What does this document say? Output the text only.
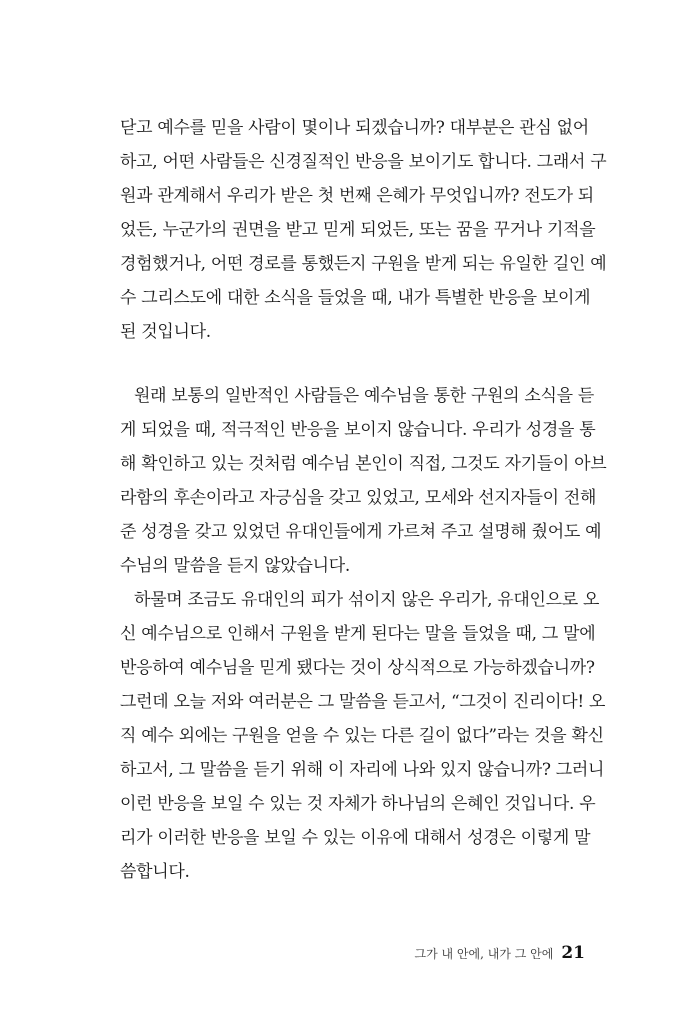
닫고 예수를 믿을 사람이 몇이나 되겠습니까? 대부분은 관심 없어
하고, 어떤 사람들은 신경질적인 반응을 보이기도 합니다. 그래서 구
원과 관계해서 우리가 받은 첫 번째 은혜가 무엇입니까? 전도가 되
었든, 누군가의 권면을 받고 믿게 되었든, 또는 꿈을 꾸거나 기적을
경험했거나, 어떤 경로를 통했든지 구원을 받게 되는 유일한 길인 예
수 그리스도에 대한 소식을 들었을 때, 내가 특별한 반응을 보이게
된 것입니다.
원래 보통의 일반적인 사람들은 예수님을 통한 구원의 소식을 듣
게 되었을 때, 적극적인 반응을 보이지 않습니다. 우리가 성경을 통
해 확인하고 있는 것처럼 예수님 본인이 직접, 그것도 자기들이 아브
라함의 후손이라고 자긍심을 갖고 있었고, 모세와 선지자들이 전해
준 성경을 갖고 있었던 유대인들에게 가르쳐 주고 설명해 줬어도 예
수님의 말씀을 듣지 않았습니다.
하물며 조금도 유대인의 피가 섞이지 않은 우리가, 유대인으로 오
신 예수님으로 인해서 구원을 받게 된다는 말을 들었을 때, 그 말에
반응하여 예수님을 믿게 됐다는 것이 상식적으로 가능하겠습니까?
그런데 오늘 저와 여러분은 그 말씀을 듣고서, “그것이 진리이다! 오
직 예수 외에는 구원을 얻을 수 있는 다른 길이 없다”라는 것을 확신
하고서, 그 말씀을 듣기 위해 이 자리에 나와 있지 않습니까? 그러니
이런 반응을 보일 수 있는 것 자체가 하나님의 은혜인 것입니다. 우
리가 이러한 반응을 보일 수 있는 이유에 대해서 성경은 이렇게 말
씀합니다.
그가 내 안에, 내가 그 안에 21
